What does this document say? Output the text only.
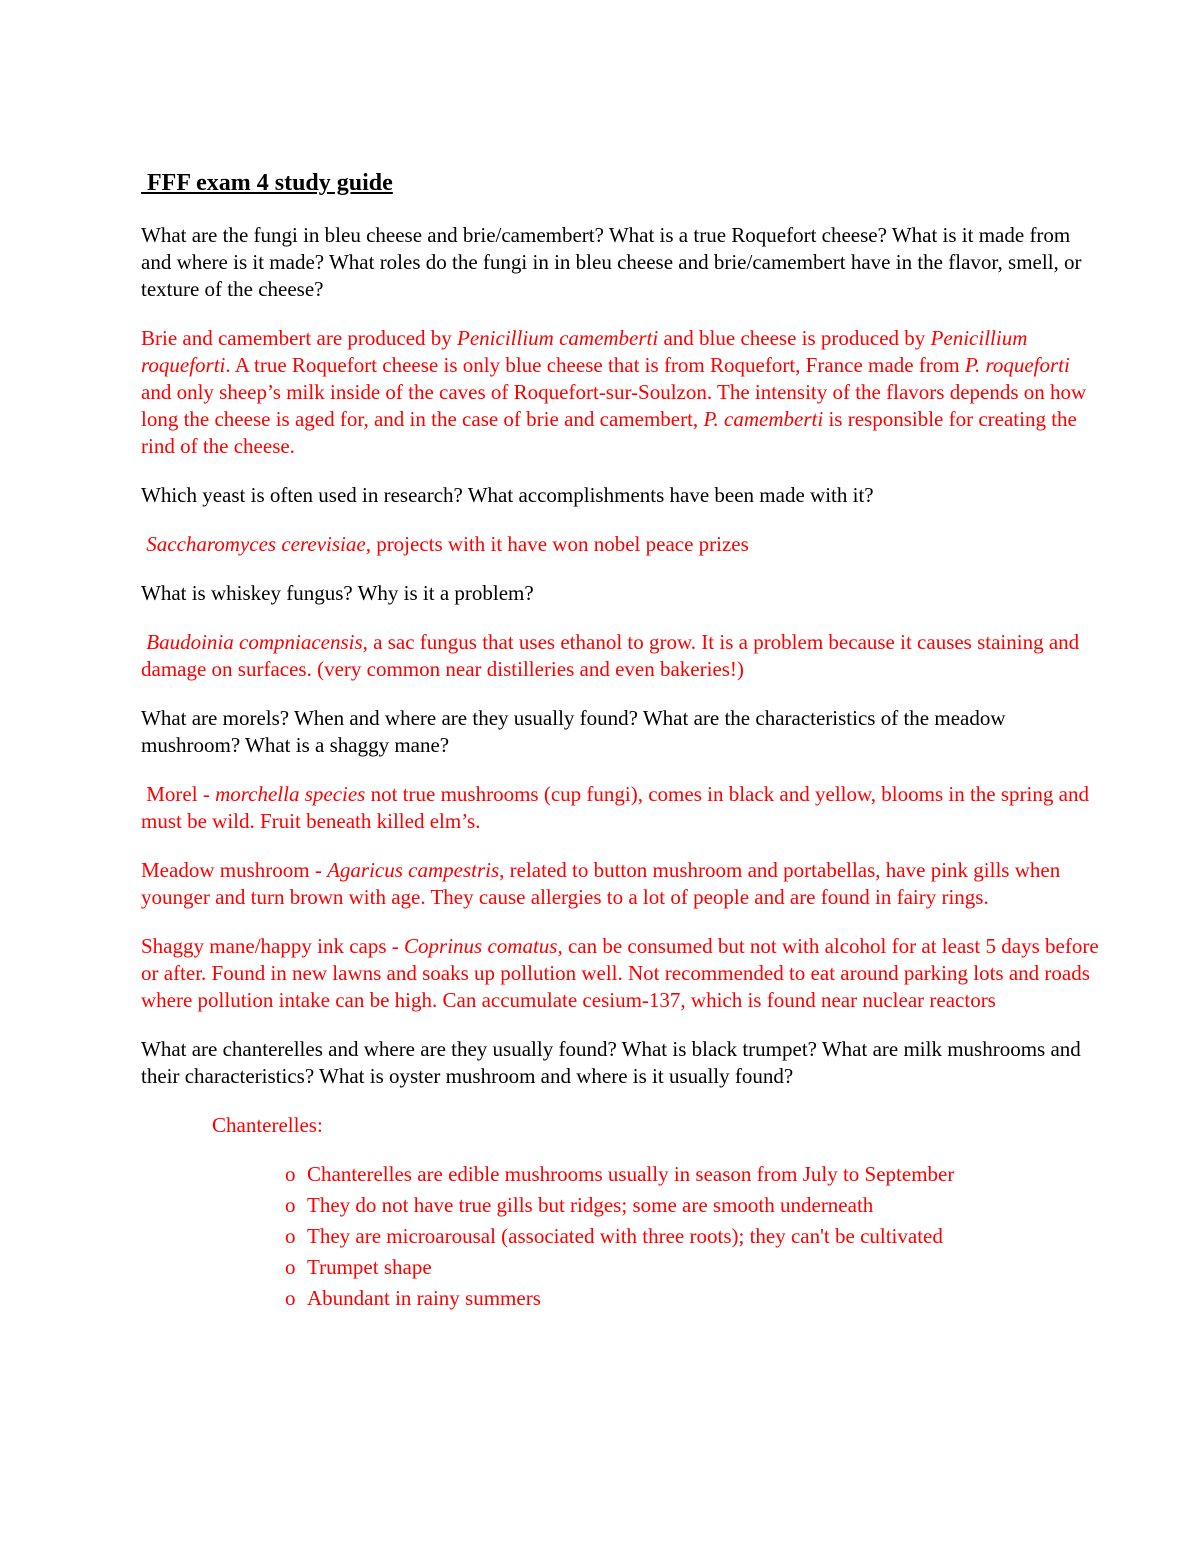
FFF exam 4 study guide

What are the fungi in bleu cheese and brie/camembert? What is a true Roquefort cheese? What is it made from and where is it made? What roles do the fungi in in bleu cheese and brie/camembert have in the flavor, smell, or texture of the cheese?

Brie and camembert are produced by Penicillium camemberti and blue cheese is produced by Penicillium roqueforti. A true Roquefort cheese is only blue cheese that is from Roquefort, France made from P. roqueforti and only sheep’s milk inside of the caves of Roquefort-sur-Soulzon. The intensity of the flavors depends on how long the cheese is aged for, and in the case of brie and camembert, P. camemberti is responsible for creating the rind of the cheese.

Which yeast is often used in research? What accomplishments have been made with it?

Saccharomyces cerevisiae, projects with it have won nobel peace prizes

What is whiskey fungus? Why is it a problem?

Baudoinia compniacensis, a sac fungus that uses ethanol to grow. It is a problem because it causes staining and damage on surfaces. (very common near distilleries and even bakeries!)

What are morels? When and where are they usually found? What are the characteristics of the meadow mushroom? What is a shaggy mane?

Morel - morchella species not true mushrooms (cup fungi), comes in black and yellow, blooms in the spring and must be wild. Fruit beneath killed elm’s.

Meadow mushroom - Agaricus campestris, related to button mushroom and portabellas, have pink gills when younger and turn brown with age. They cause allergies to a lot of people and are found in fairy rings.

Shaggy mane/happy ink caps - Coprinus comatus, can be consumed but not with alcohol for at least 5 days before or after. Found in new lawns and soaks up pollution well. Not recommended to eat around parking lots and roads where pollution intake can be high. Can accumulate cesium-137, which is found near nuclear reactors

What are chanterelles and where are they usually found? What is black trumpet? What are milk mushrooms and their characteristics? What is oyster mushroom and where is it usually found?

Chanterelles:
o Chanterelles are edible mushrooms usually in season from July to September
o They do not have true gills but ridges; some are smooth underneath
o They are microarousal (associated with three roots); they can't be cultivated
o Trumpet shape
o Abundant in rainy summers
